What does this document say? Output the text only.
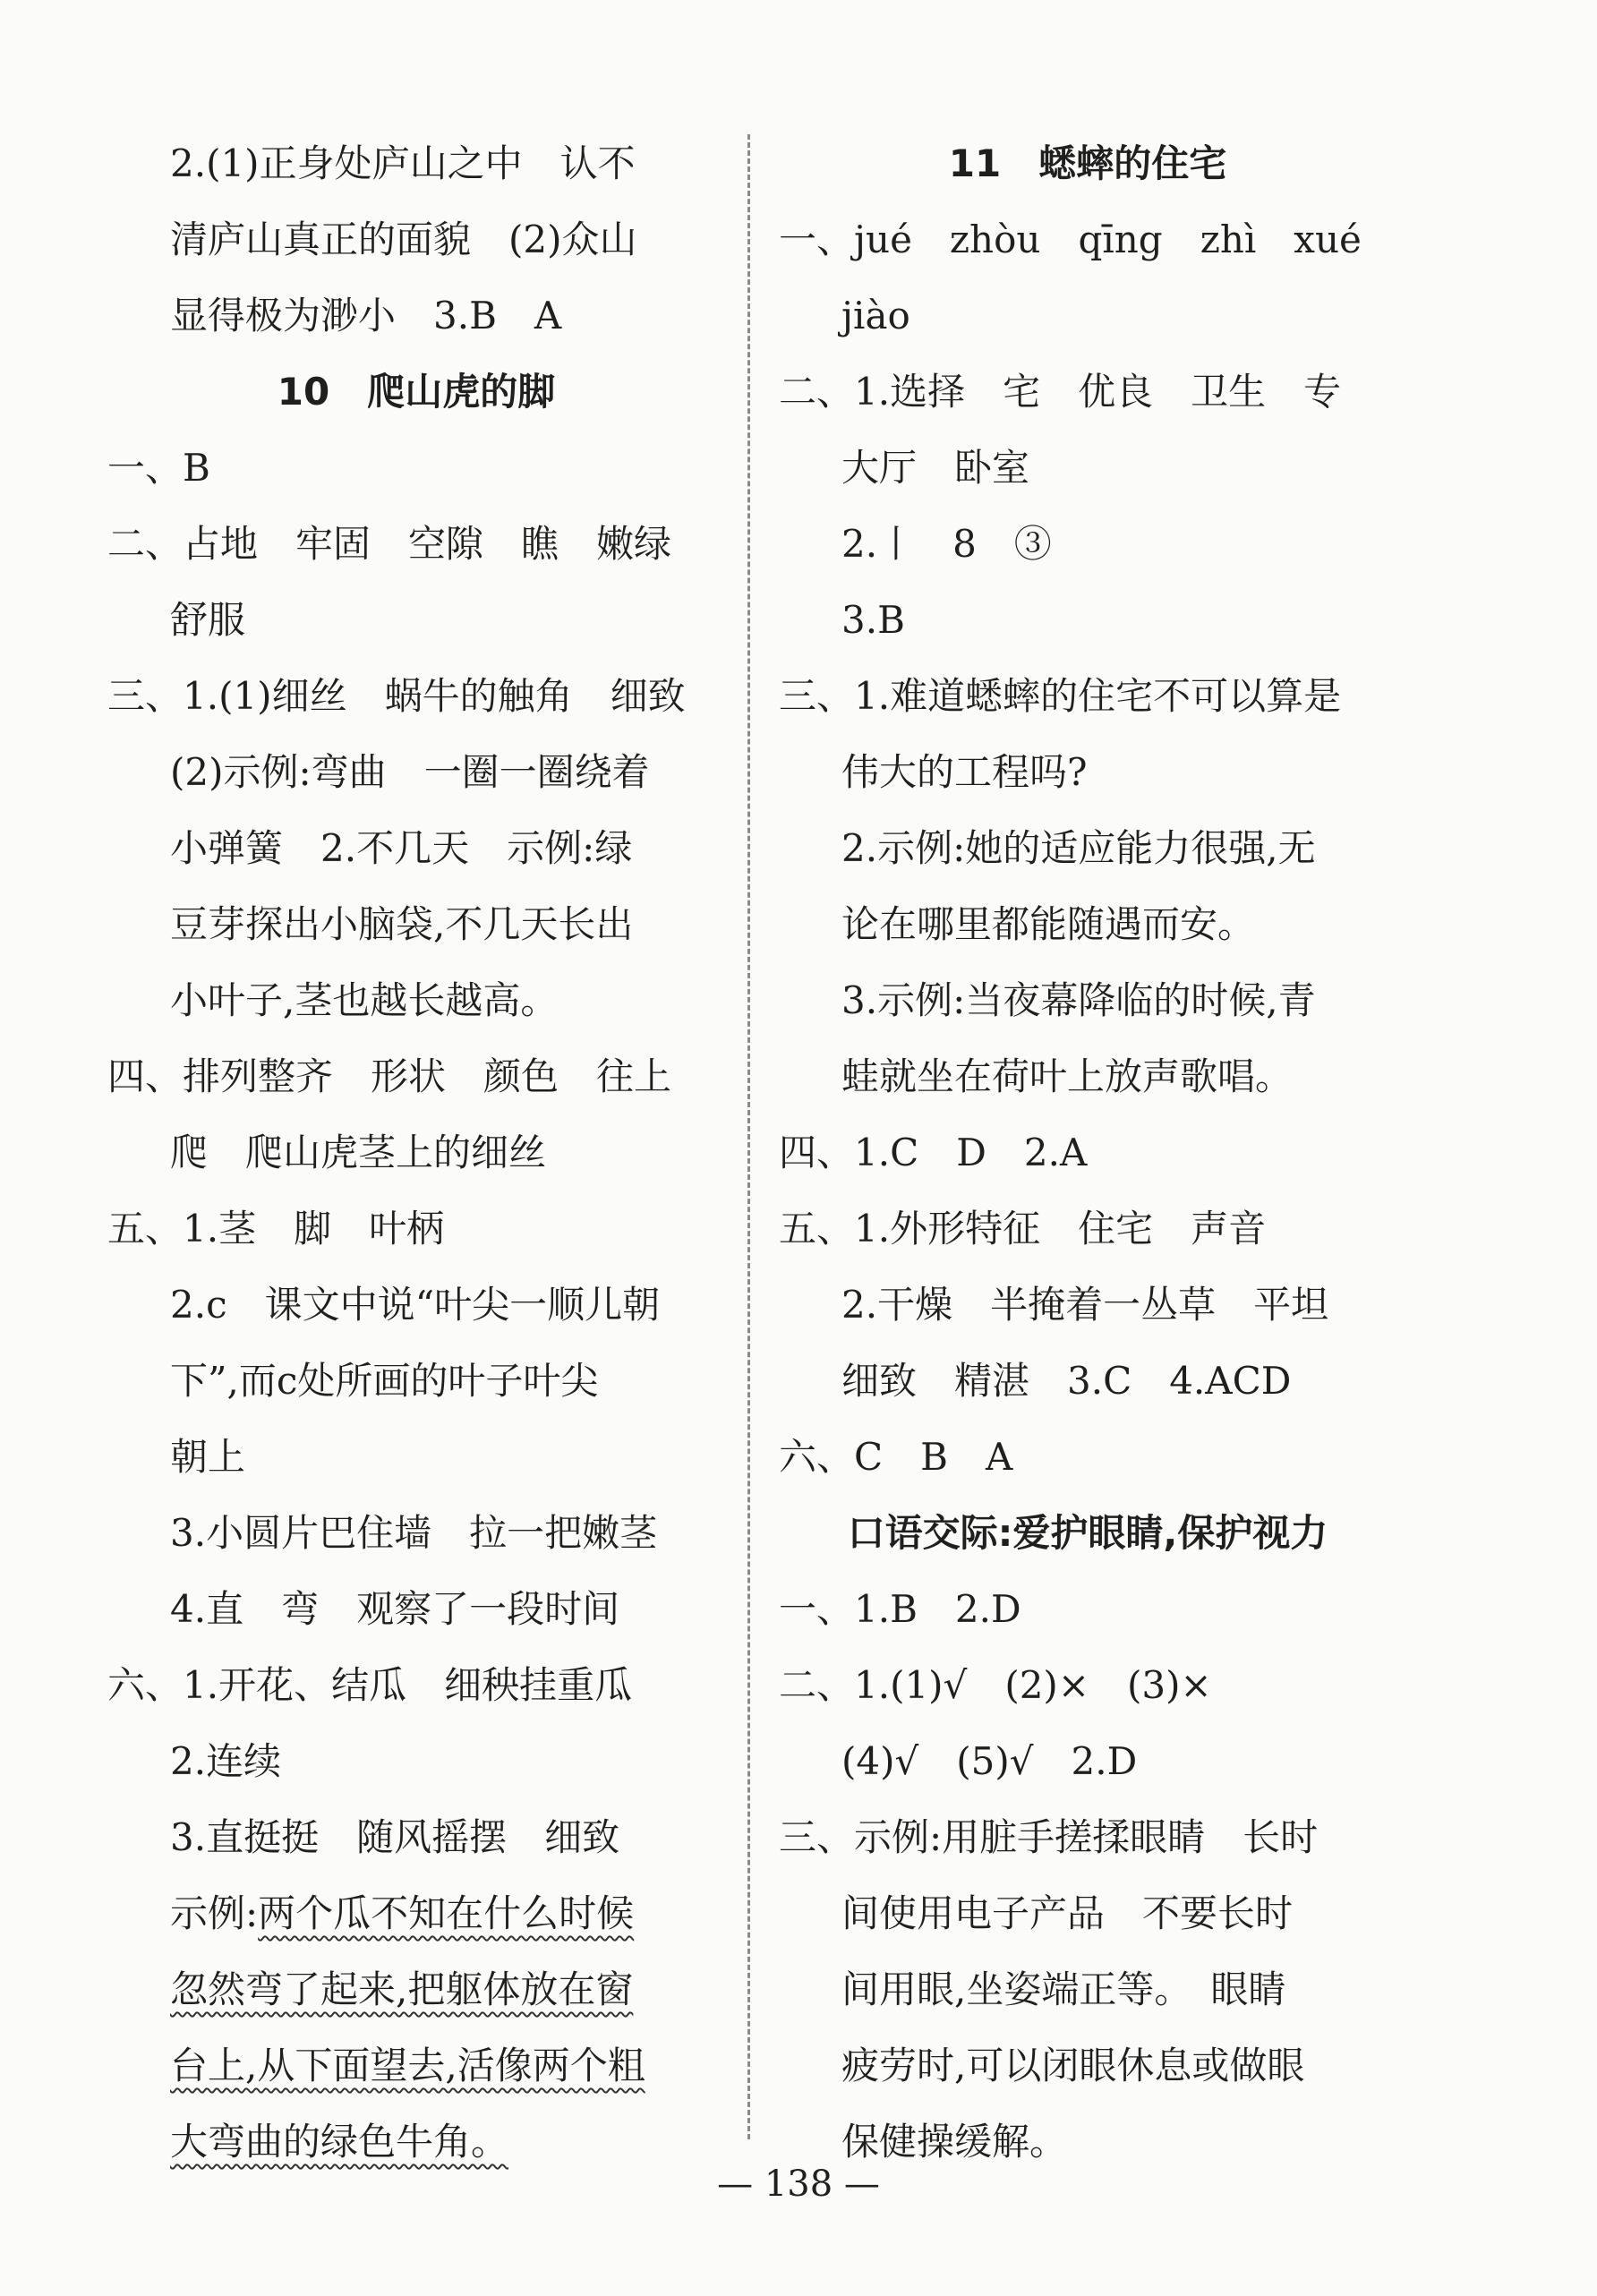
2.(1)正身处庐山之中　认不
清庐山真正的面貌　(2)众山
显得极为渺小　3.B　A
10　爬山虎的脚
一、B
二、占地　牢固　空隙　瞧　嫩绿
舒服
三、1.(1)细丝　蜗牛的触角　细致
(2)示例:弯曲　一圈一圈绕着
小弹簧　2.不几天　示例:绿
豆芽探出小脑袋,不几天长出
小叶子,茎也越长越高。
四、排列整齐　形状　颜色　往上
爬　爬山虎茎上的细丝
五、1.茎　脚　叶柄
2.c　课文中说“叶尖一顺儿朝
下”,而c处所画的叶子叶尖
朝上
3.小圆片巴住墙　拉一把嫩茎
4.直　弯　观察了一段时间
六、1.开花、结瓜　细秧挂重瓜
2.连续
3.直挺挺　随风摇摆　细致
示例:两个瓜不知在什么时候
忽然弯了起来,把躯体放在窗
台上,从下面望去,活像两个粗
大弯曲的绿色牛角。
11　蟋蟀的住宅
一、jué　zhòu　qīng　zhì　xué
jiào
二、1.选择　宅　优良　卫生　专
大厅　卧室
2.丨　8　③
3.B
三、1.难道蟋蟀的住宅不可以算是
伟大的工程吗?
2.示例:她的适应能力很强,无
论在哪里都能随遇而安。
3.示例:当夜幕降临的时候,青
蛙就坐在荷叶上放声歌唱。
四、1.C　D　2.A
五、1.外形特征　住宅　声音
2.干燥　半掩着一丛草　平坦
细致　精湛　3.C　4.ACD
六、C　B　A
口语交际:爱护眼睛,保护视力
一、1.B　2.D
二、1.(1)√　(2)×　(3)×
(4)√　(5)√　2.D
三、示例:用脏手搓揉眼睛　长时
间使用电子产品　不要长时
间用眼,坐姿端正等。　眼睛
疲劳时,可以闭眼休息或做眼
保健操缓解。
— 138 —
